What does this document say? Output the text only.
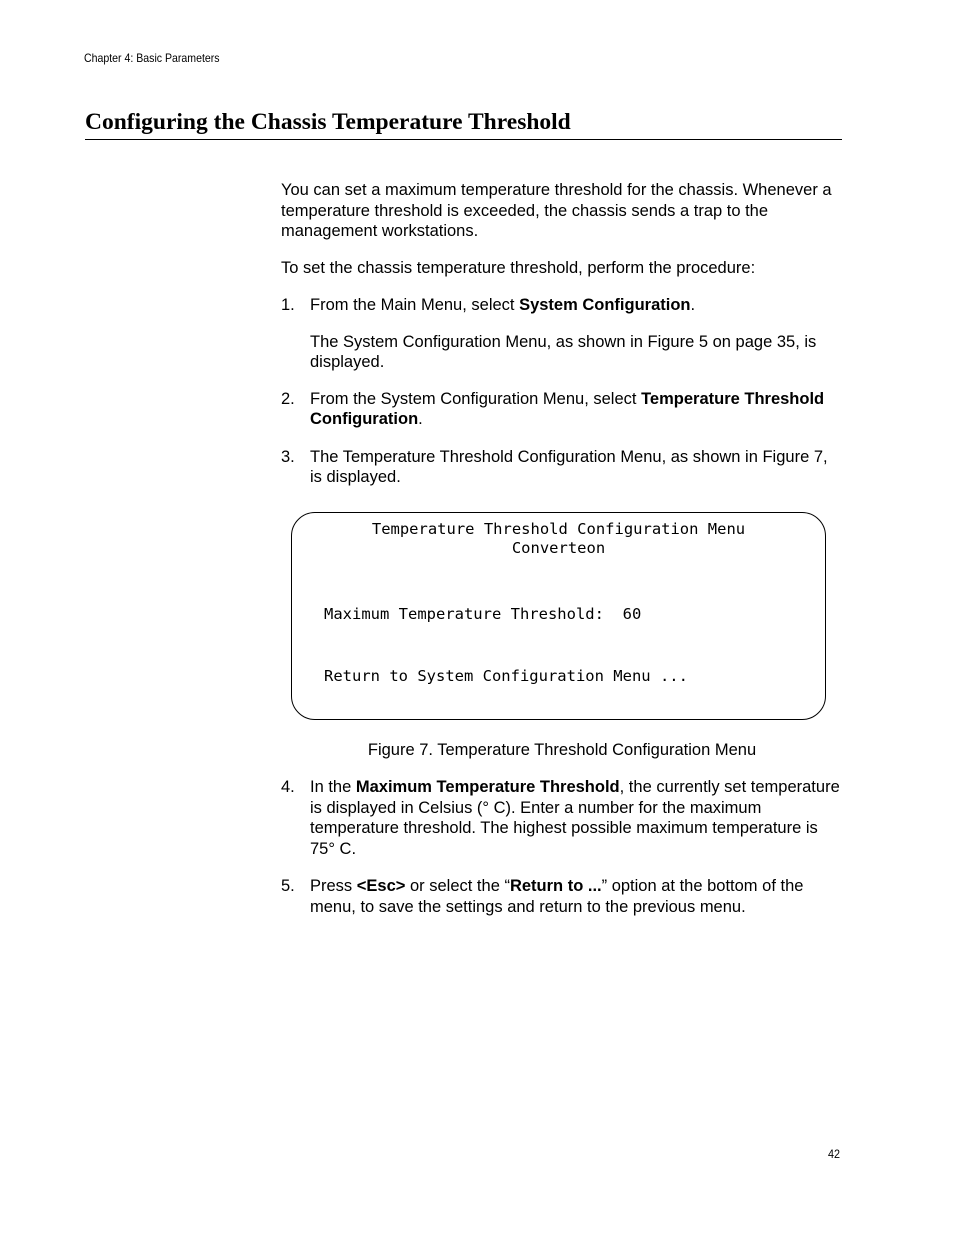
Chapter 4: Basic Parameters
Configuring the Chassis Temperature Threshold

You can set a maximum temperature threshold for the chassis. Whenever a temperature threshold is exceeded, the chassis sends a trap to the management workstations.

To set the chassis temperature threshold, perform the procedure:

1. From the Main Menu, select System Configuration.
The System Configuration Menu, as shown in Figure 5 on page 35, is displayed.
2. From the System Configuration Menu, select Temperature Threshold Configuration.
3. The Temperature Threshold Configuration Menu, as shown in Figure 7, is displayed.
Temperature Threshold Configuration Menu
Converteon
Maximum Temperature Threshold:  60
Return to System Configuration Menu ...
Figure 7. Temperature Threshold Configuration Menu
4. In the Maximum Temperature Threshold, the currently set temperature is displayed in Celsius (° C). Enter a number for the maximum temperature threshold. The highest possible maximum temperature is 75° C.
5. Press <Esc> or select the “Return to ...” option at the bottom of the menu, to save the settings and return to the previous menu.
42
